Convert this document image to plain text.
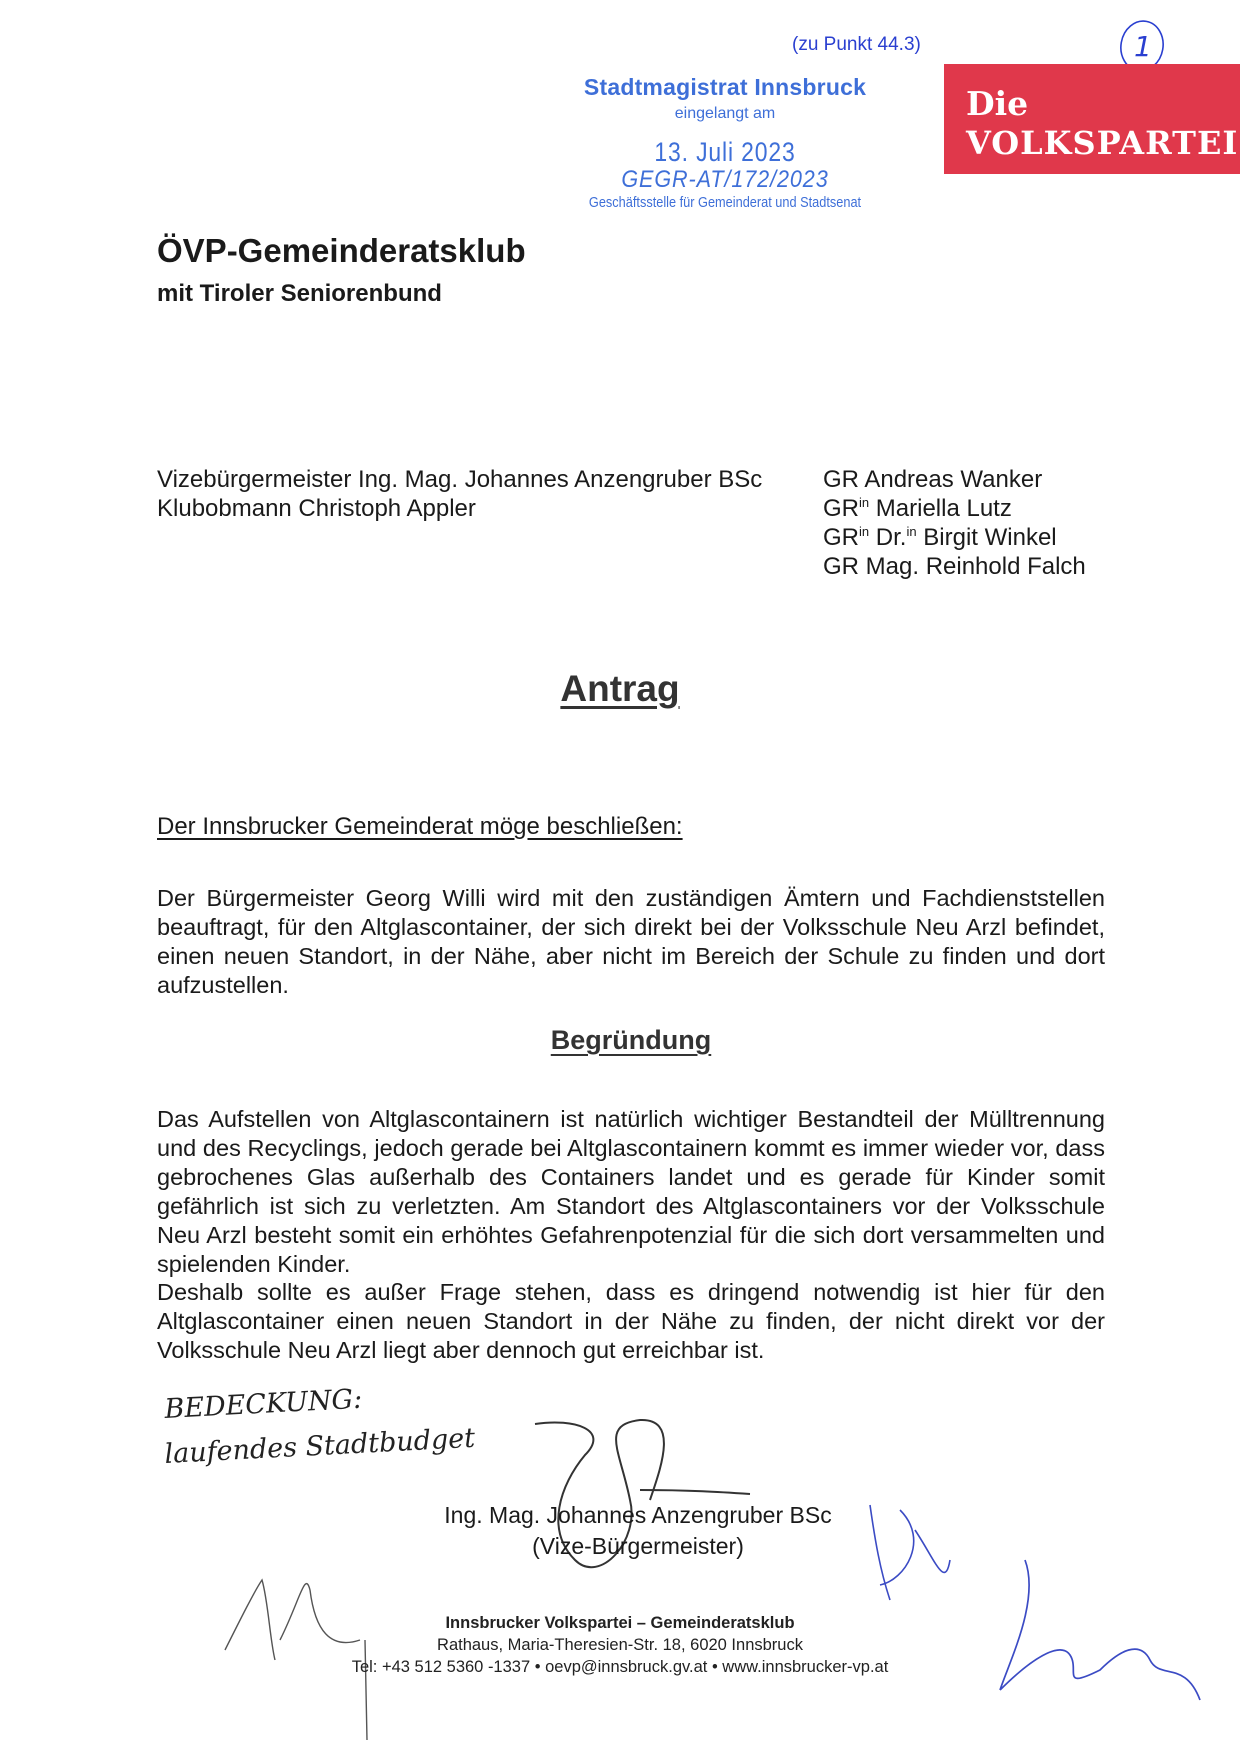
(zu Punkt 44.3)	1
Stadtmagistrat Innsbruck
eingelangt am
13. Juli 2023
GEGR-AT/172/2023
Geschäftsstelle für Gemeinderat und Stadtsenat
Die
VOLKSPARTEI
ÖVP-Gemeinderatsklub
mit Tiroler Seniorenbund
Vizebürgermeister Ing. Mag. Johannes Anzengruber BSc
Klubobmann Christoph Appler
GR Andreas Wanker
$GR^{in}$ Mariella Lutz
$GR^{in}$ Dr.$^{in}$ Birgit Winkel
GR Mag. Reinhold Falch
Antrag
Der Innsbrucker Gemeinderat möge beschließen:
Der Bürgermeister Georg Willi wird mit den zuständigen Ämtern und Fachdienststellen beauftragt, für den Altglascontainer, der sich direkt bei der Volksschule Neu Arzl befindet, einen neuen Standort, in der Nähe, aber nicht im Bereich der Schule zu finden und dort aufzustellen.
Begründung
Das Aufstellen von Altglascontainern ist natürlich wichtiger Bestandteil der Mülltrennung und des Recyclings, jedoch gerade bei Altglascontainern kommt es immer wieder vor, dass gebrochenes Glas außerhalb des Containers landet und es gerade für Kinder somit gefährlich ist sich zu verletzten. Am Standort des Altglascontainers vor der Volksschule Neu Arzl besteht somit ein erhöhtes Gefahrenpotenzial für die sich dort versammelten und spielenden Kinder.
Deshalb sollte es außer Frage stehen, dass es dringend notwendig ist hier für den Altglascontainer einen neuen Standort in der Nähe zu finden, der nicht direkt vor der Volksschule Neu Arzl liegt aber dennoch gut erreichbar ist.
BEDECKUNG:
laufendes Stadtbudget
Ing. Mag. Johannes Anzengruber BSc
(Vize-Bürgermeister)
Innsbrucker Volkspartei – Gemeinderatsklub
Rathaus, Maria-Theresien-Str. 18, 6020 Innsbruck
Tel: +43 512 5360 -1337 • oevp@innsbruck.gv.at • www.innsbrucker-vp.at
